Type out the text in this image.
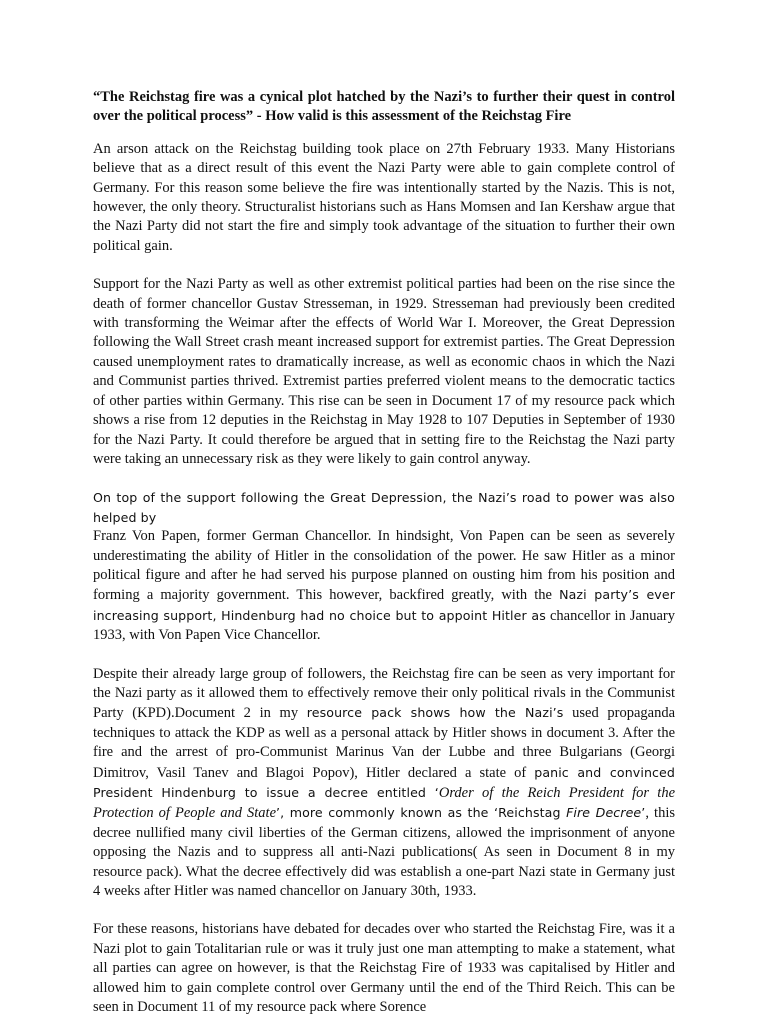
“The Reichstag fire was a cynical plot hatched by the Nazi’s to further their quest in control over the political process” - How valid is this assessment of the Reichstag Fire

An arson attack on the Reichstag building took place on 27th February 1933. Many Historians believe that as a direct result of this event the Nazi Party were able to gain complete control of Germany. For this reason some believe the fire was intentionally started by the Nazis. This is not, however, the only theory. Structuralist historians such as Hans Momsen and Ian Kershaw argue that the Nazi Party did not start the fire and simply took advantage of the situation to further their own political gain.

Support for the Nazi Party as well as other extremist political parties had been on the rise since the death of former chancellor Gustav Stresseman, in 1929. Stresseman had previously been credited with transforming the Weimar after the effects of World War I. Moreover, the Great Depression following the Wall Street crash meant increased support for extremist parties. The Great Depression caused unemployment rates to dramatically increase, as well as economic chaos in which the Nazi and Communist parties thrived. Extremist parties preferred violent means to the democratic tactics of other parties within Germany. This rise can be seen in Document 17 of my resource pack which shows a rise from 12 deputies in the Reichstag in May 1928 to 107 Deputies in September of 1930 for the Nazi Party. It could therefore be argued that in setting fire to the Reichstag the Nazi party were taking an unnecessary risk as they were likely to gain control anyway.

On top of the support following the Great Depression, the Nazi’s road to power was also helped by
Franz Von Papen, former German Chancellor. In hindsight, Von Papen can be seen as severely underestimating the ability of Hitler in the consolidation of the power. He saw Hitler as a minor political figure and after he had served his purpose planned on ousting him from his position and forming a majority government. This however, backfired greatly, with the Nazi party’s ever increasing support, Hindenburg had no choice but to appoint Hitler as chancellor in January 1933, with Von Papen Vice Chancellor.
Despite their already large group of followers, the Reichstag fire can be seen as very important for the Nazi party as it allowed them to effectively remove their only political rivals in the Communist Party (KPD).Document 2 in my resource pack shows how the Nazi’s used propaganda techniques to attack the KDP as well as a personal attack by Hitler shows in document 3. After the fire and the arrest of pro-Communist Marinus Van der Lubbe and three Bulgarians (Georgi Dimitrov, Vasil Tanev and Blagoi Popov), Hitler declared a state of panic and convinced President Hindenburg to issue a decree entitled ‘Order of the Reich President for the Protection of People and State’, more commonly known as the ‘Reichstag Fire Decree’, this decree nullified many civil liberties of the German citizens, allowed the imprisonment of anyone opposing the Nazis and to suppress all anti-Nazi publications( As seen in Document 8 in my resource pack). What the decree effectively did was establish a one-part Nazi state in Germany just 4 weeks after Hitler was named chancellor on January 30th, 1933.

For these reasons, historians have debated for decades over who started the Reichstag Fire, was it a Nazi plot to gain Totalitarian rule or was it truly just one man attempting to make a statement, what all parties can agree on however, is that the Reichstag Fire of 1933 was capitalised by Hitler and allowed him to gain complete control over Germany until the end of the Third Reich. This can be seen in Document 11 of my resource pack where Sorence
